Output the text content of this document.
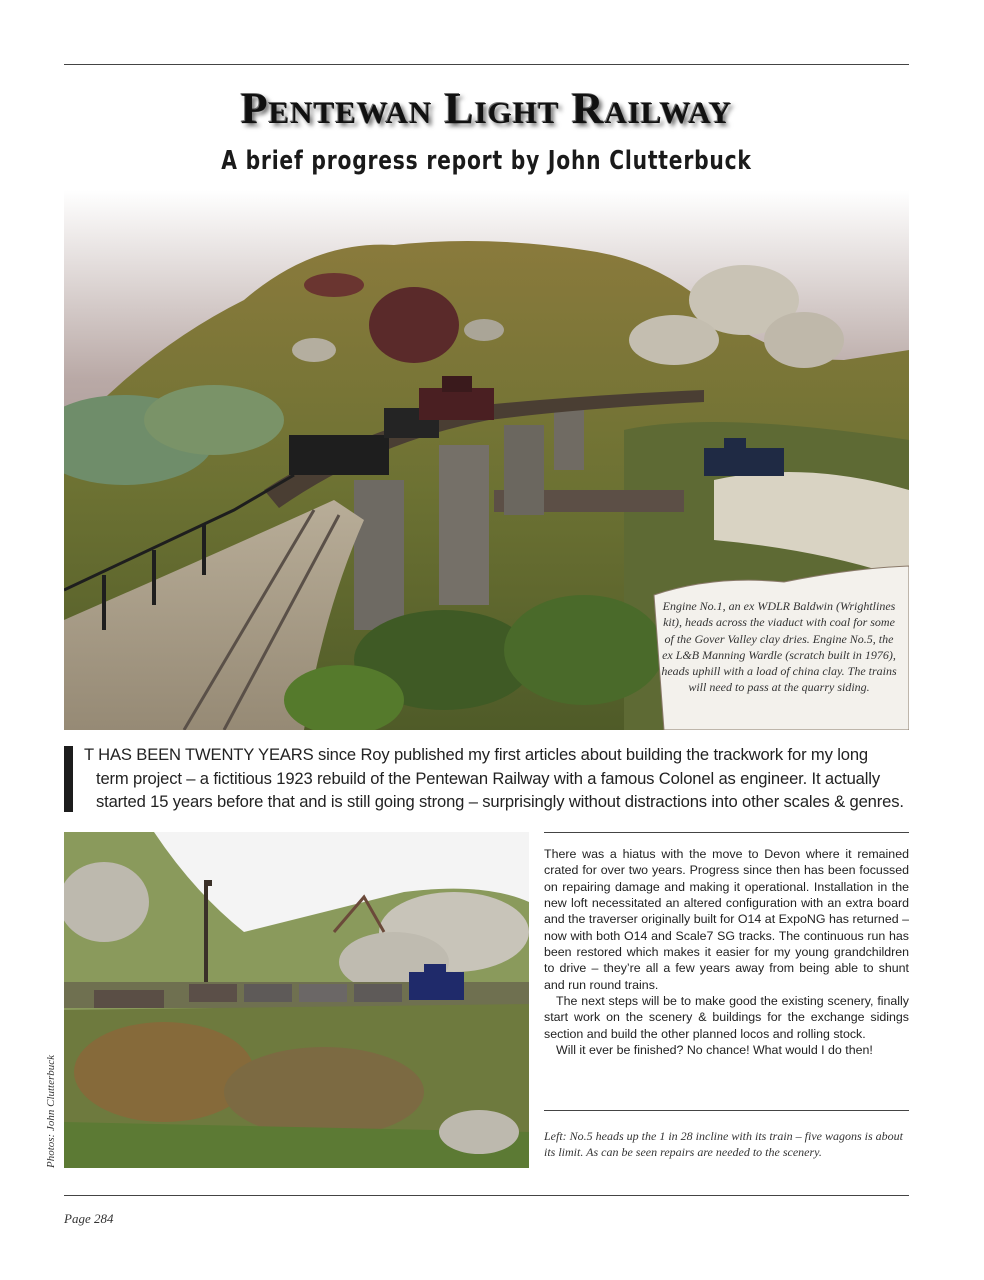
Pentewan Light Railway
A brief progress report by John Clutterbuck
Engine No.1, an ex WDLR Baldwin (Wrightlines kit), heads across the viaduct with coal for some of the Gover Valley clay dries. Engine No.5, the ex L&B Manning Wardle (scratch built in 1976), heads uphill with a load of china clay. The trains will need to pass at the quarry siding.
T HAS BEEN TWENTY YEARS since Roy published my first articles about building the trackwork for my long
term project – a fictitious 1923 rebuild of the Pentewan Railway with a famous Colonel as engineer. It actually started 15 years before that and is still going strong – surprisingly without distractions into other scales & genres.
Photos: John Clutterbuck

There was a hiatus with the move to Devon where it remained crated for over two years. Progress since then has been focussed on repairing damage and making it operational. Installation in the new loft necessitated an altered configuration with an extra board and the traverser originally built for O14 at ExpoNG has returned – now with both O14 and Scale7 SG tracks. The continuous run has been restored which makes it easier for my young grandchildren to drive – they’re all a few years away from being able to shunt and run round trains.

The next steps will be to make good the existing scenery, finally start work on the scenery & buildings for the exchange sidings section and build the other planned locos and rolling stock.

Will it ever be finished? No chance! What would I do then!

Left: No.5 heads up the 1 in 28 incline with its train – five wagons is about its limit. As can be seen repairs are needed to the scenery.
Page 284
